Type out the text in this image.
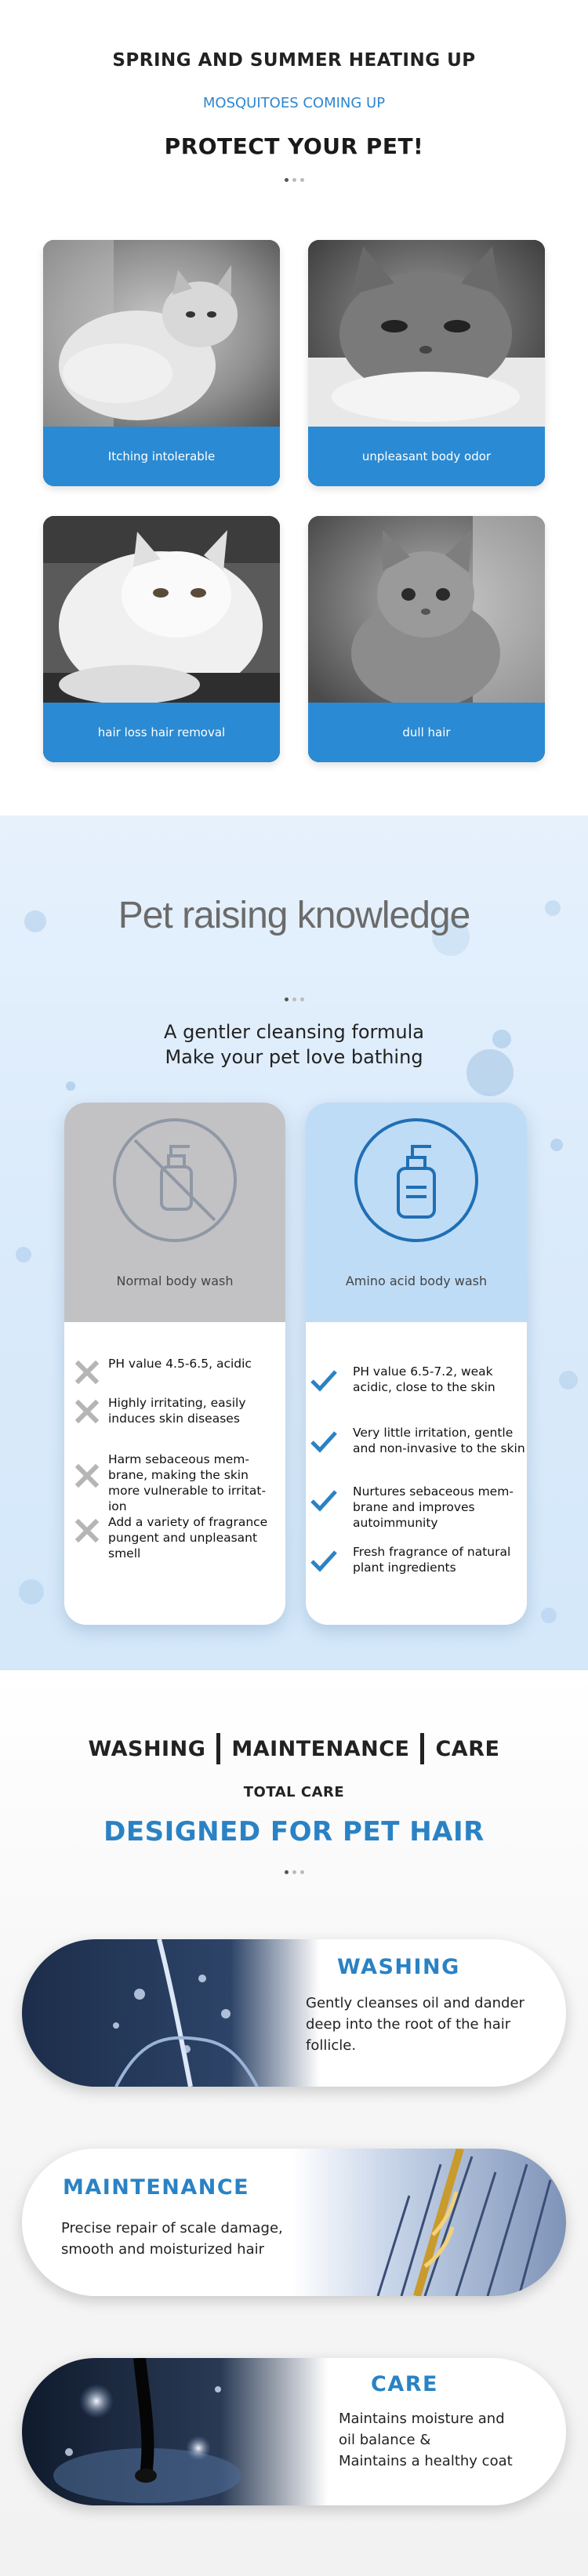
SPRING AND SUMMER HEATING UP
MOSQUITOES COMING UP
PROTECT YOUR PET!
Itching intolerable	unpleasant body odor
hair loss hair removal	dull hair
Pet raising knowledge
A gentler cleansing formula
Make your pet love bathing
Normal body wash
PH value 4.5-6.5, acidic
Highly irritating, easily induces skin diseases
Harm sebaceous mem-brane, making the skin more vulnerable to irritat-ion
Add a variety of fragrance pungent and unpleasant smell
Amino acid body wash
PH value 6.5-7.2, weak acidic, close to the skin
Very little irritation, gentle and non-invasive to the skin
Nurtures sebaceous mem-brane and improves autoimmunity
Fresh fragrance of natural plant ingredients
WASHING MAINTENANCE CARE
TOTAL CARE
DESIGNED FOR PET HAIR
WASHING
Gently cleanses oil and dander
deep into the root of the hair
follicle.
MAINTENANCE
Precise repair of scale damage,
smooth and moisturized hair
CARE
Maintains moisture and
oil balance &
Maintains a healthy coat
